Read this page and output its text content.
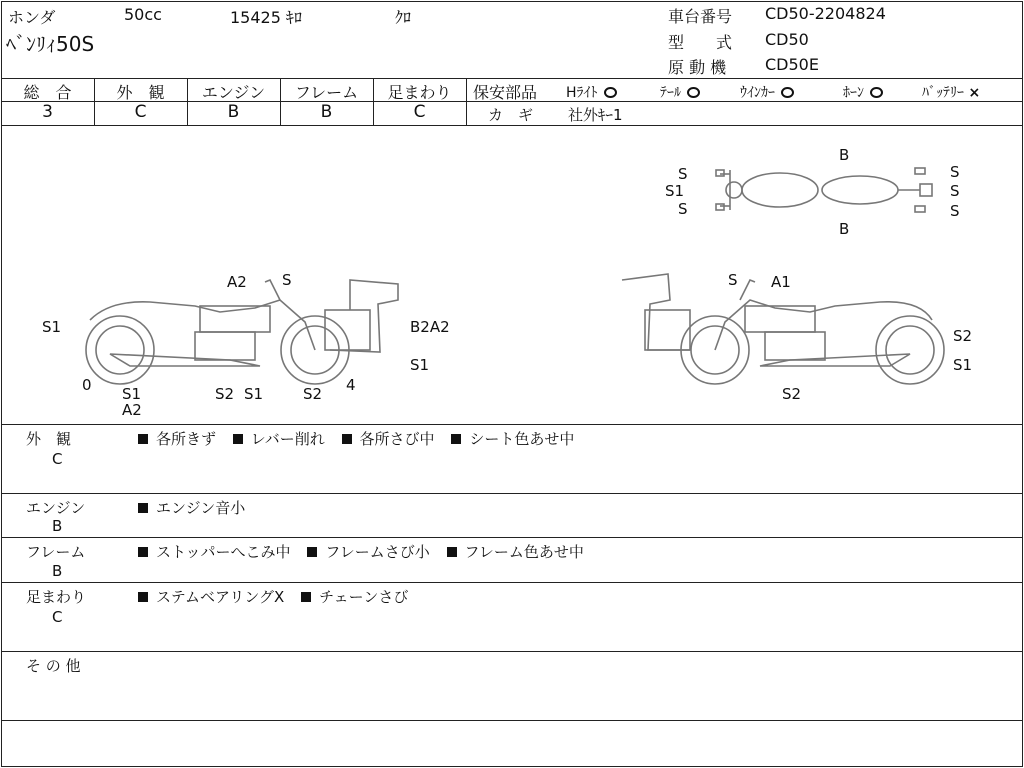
ホンダ	50cc	15425 ｷﾛ	ｸﾛ
ﾍﾞﾝﾘｨ50S
車台番号 CD50-2204824
型　　式 CD50
原 動 機 CD50E
総　合	外　観	エンジン	フレーム	足まわり
3	C	B	B	C
保安部品 Hﾗｲﾄ	ﾃｰﾙ	ｳｲﾝｶｰ	ﾎｰﾝ	ﾊﾞｯﾃﾘｰ ×
カ　ギ 社外ｷｰ1
S
S1
S
B
B
S
S
S
A2 S
S1	B2A2
S1
0 S1
A2
S2 S1	S2 4
S A1
S2
S1
S2
外　観
C
各所きず レバー削れ 各所さび中 シート色あせ中
エンジン
B
エンジン音小
フレーム
B
ストッパーへこみ中 フレームさび小 フレーム色あせ中
足まわり
C
ステムベアリングX チェーンさび
そ の 他
